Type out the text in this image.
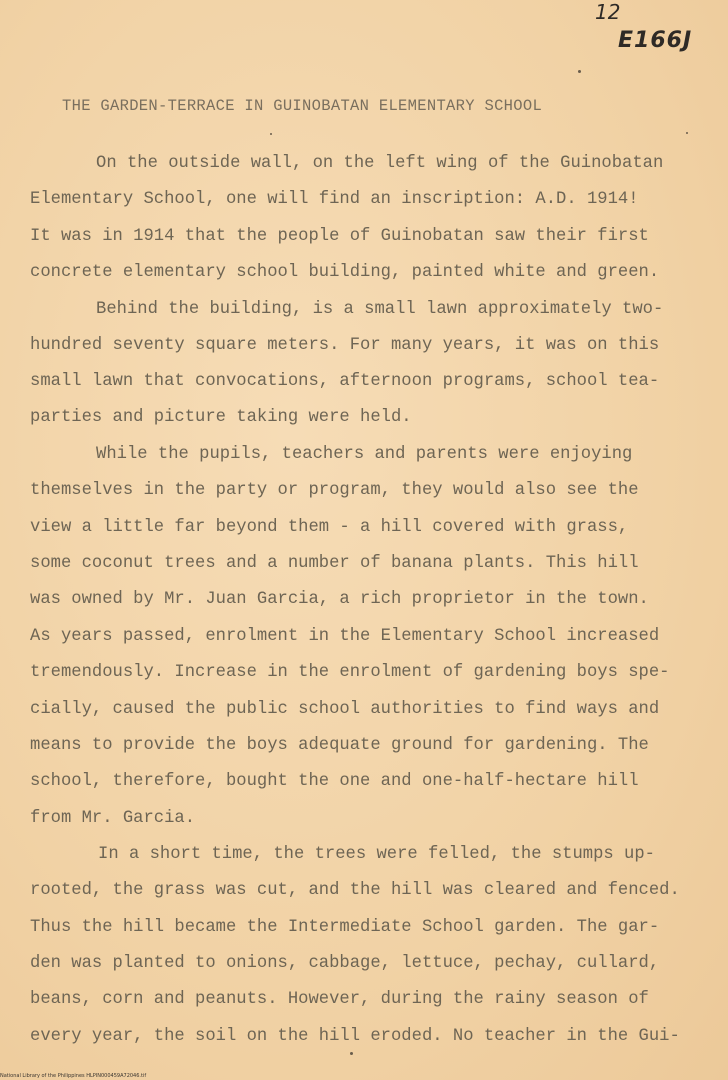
12
E166J
THE GARDEN-TERRACE IN GUINOBATAN ELEMENTARY SCHOOL
On the outside wall, on the left wing of the Guinobatan
Elementary School, one will find an inscription: A.D. 1914!
It was in 1914 that the people of Guinobatan saw their first
concrete elementary school building, painted white and green.
Behind the building, is a small lawn approximately two-
hundred seventy square meters. For many years, it was on this
small lawn that convocations, afternoon programs, school tea-
parties and picture taking were held.
While the pupils, teachers and parents were enjoying
themselves in the party or program, they would also see the
view a little far beyond them - a hill covered with grass,
some coconut trees and a number of banana plants. This hill
was owned by Mr. Juan Garcia, a rich proprietor in the town.
As years passed, enrolment in the Elementary School increased
tremendously. Increase in the enrolment of gardening boys spe-
cially, caused the public school authorities to find ways and
means to provide the boys adequate ground for gardening. The
school, therefore, bought the one and one-half-hectare hill
from Mr. Garcia.
In a short time, the trees were felled, the stumps up-
rooted, the grass was cut, and the hill was cleared and fenced.
Thus the hill became the Intermediate School garden. The gar-
den was planted to onions, cabbage, lettuce, pechay, cullard,
beans, corn and peanuts. However, during the rainy season of
every year, the soil on the hill eroded. No teacher in the Gui-
National Library of the Philippines HLPIN000459A72046.tif
